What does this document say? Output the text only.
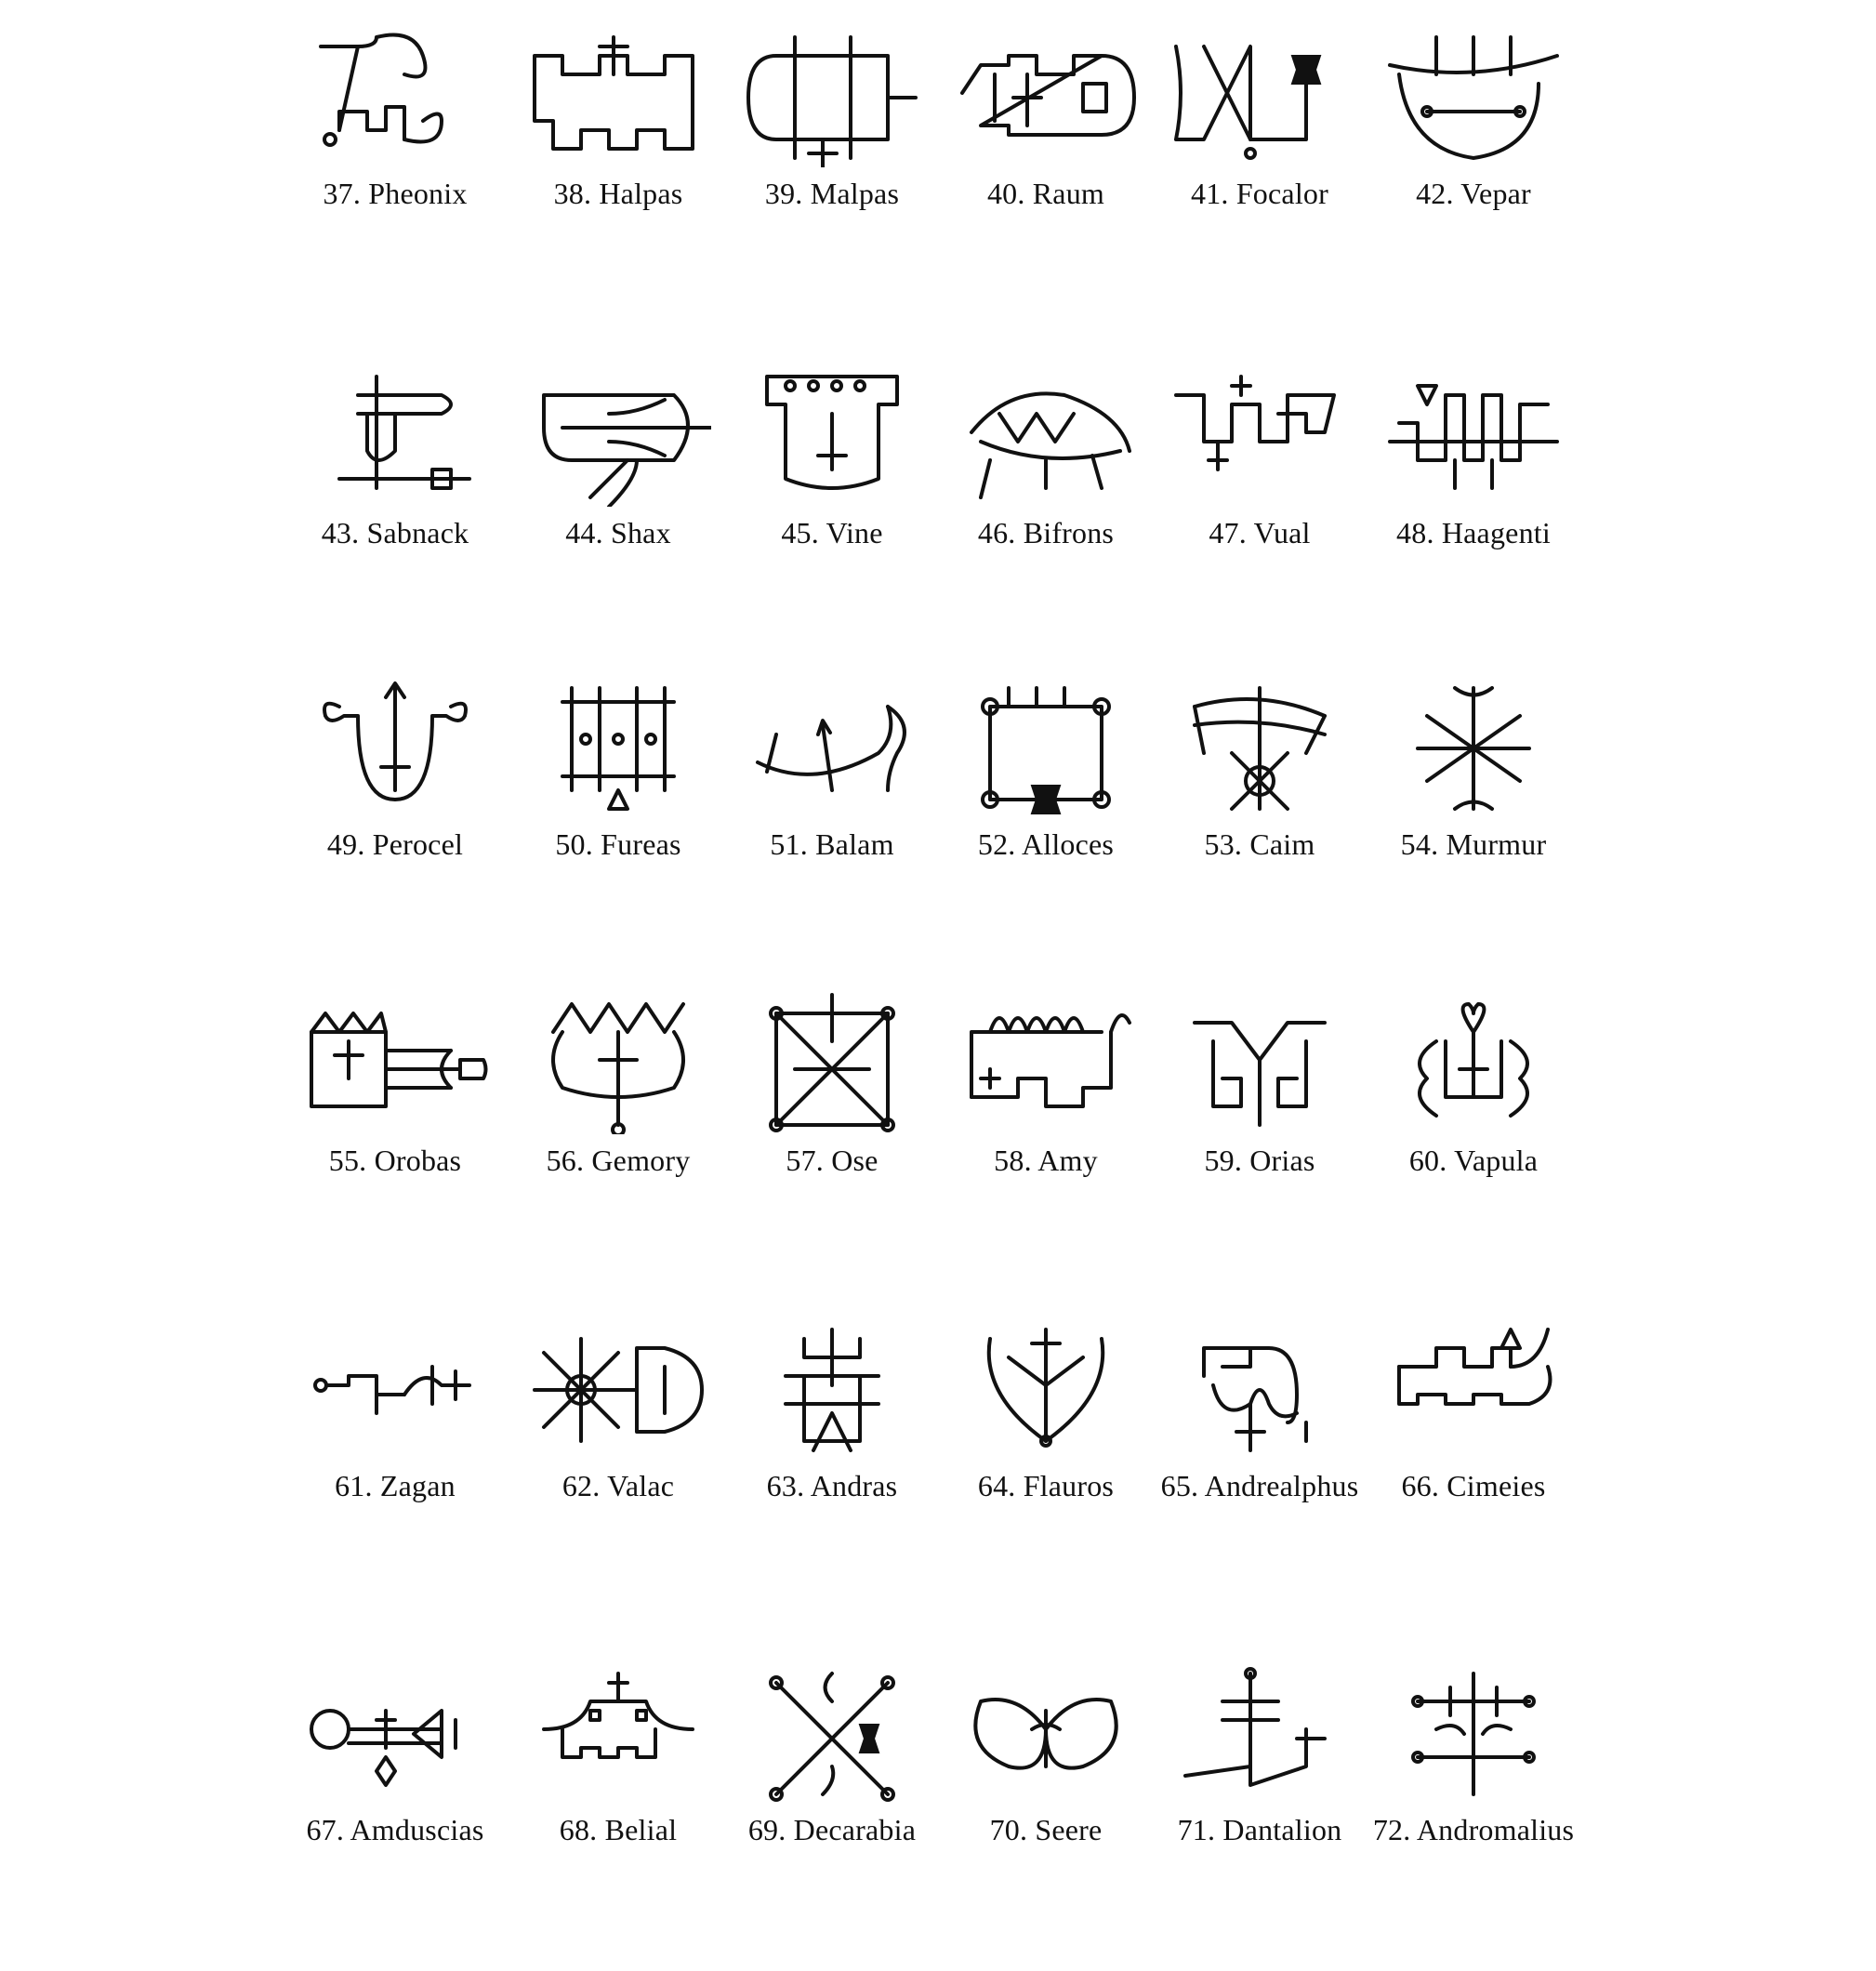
37. Pheonix	38. Halpas	39. Malpas	40. Raum	41. Focalor	42. Vepar
43. Sabnack	44. Shax	45. Vine	46. Bifrons	47. Vual	48. Haagenti
49. Perocel	50. Fureas	51. Balam	52. Alloces	53. Caim	54. Murmur
55. Orobas	56. Gemory	57. Ose	58. Amy	59. Orias	60. Vapula
61. Zagan	62. Valac	63. Andras	64. Flauros	65. Andrealphus	66. Cimeies
67. Amduscias	68. Belial	69. Decarabia	70. Seere	71. Dantalion	72. Andromalius
